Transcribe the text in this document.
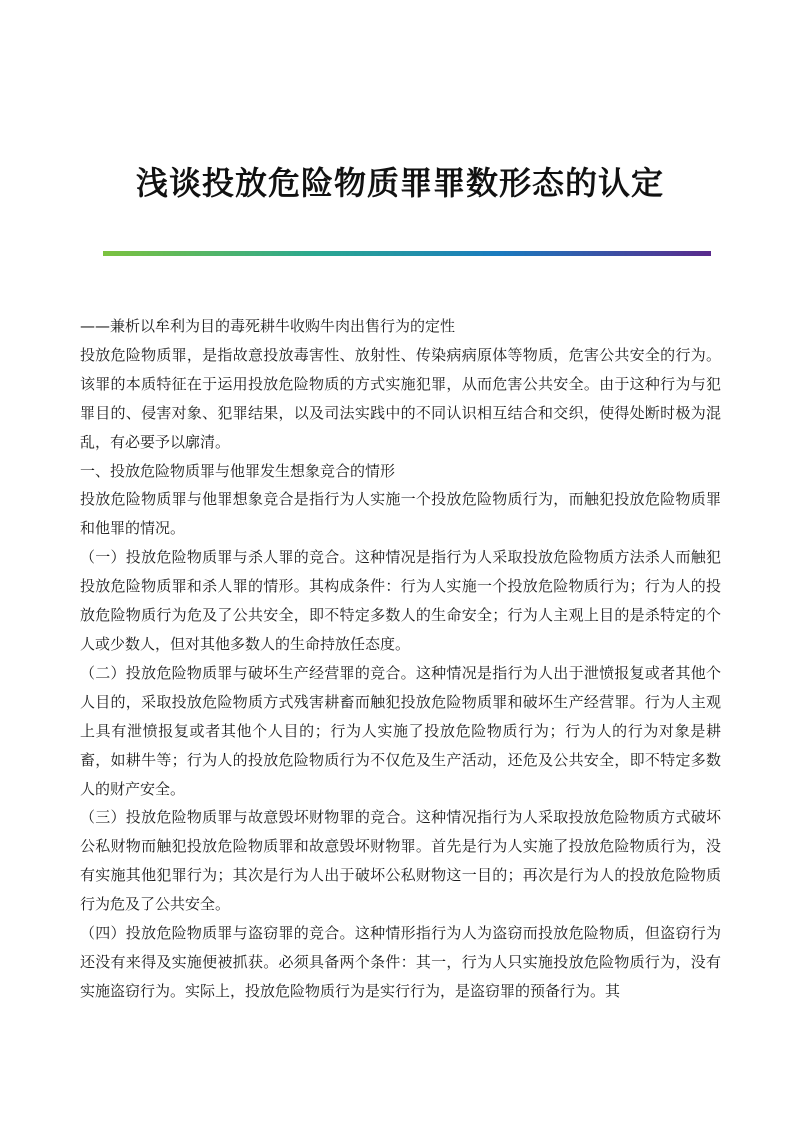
浅谈投放危险物质罪罪数形态的认定

——兼析以牟利为目的毒死耕牛收购牛肉出售行为的定性

投放危险物质罪，是指故意投放毒害性、放射性、传染病病原体等物质，危害公共安全的行为。该罪的本质特征在于运用投放危险物质的方式实施犯罪，从而危害公共安全。由于这种行为与犯罪目的、侵害对象、犯罪结果，以及司法实践中的不同认识相互结合和交织，使得处断时极为混乱，有必要予以廓清。

一、投放危险物质罪与他罪发生想象竞合的情形

投放危险物质罪与他罪想象竞合是指行为人实施一个投放危险物质行为，而触犯投放危险物质罪和他罪的情况。

（一）投放危险物质罪与杀人罪的竞合。这种情况是指行为人采取投放危险物质方法杀人而触犯投放危险物质罪和杀人罪的情形。其构成条件：行为人实施一个投放危险物质行为；行为人的投放危险物质行为危及了公共安全，即不特定多数人的生命安全；行为人主观上目的是杀特定的个人或少数人，但对其他多数人的生命持放任态度。

（二）投放危险物质罪与破坏生产经营罪的竞合。这种情况是指行为人出于泄愤报复或者其他个人目的，采取投放危险物质方式残害耕畜而触犯投放危险物质罪和破坏生产经营罪。行为人主观上具有泄愤报复或者其他个人目的；行为人实施了投放危险物质行为；行为人的行为对象是耕畜，如耕牛等；行为人的投放危险物质行为不仅危及生产活动，还危及公共安全，即不特定多数人的财产安全。

（三）投放危险物质罪与故意毁坏财物罪的竞合。这种情况指行为人采取投放危险物质方式破坏公私财物而触犯投放危险物质罪和故意毁坏财物罪。首先是行为人实施了投放危险物质行为，没有实施其他犯罪行为；其次是行为人出于破坏公私财物这一目的；再次是行为人的投放危险物质行为危及了公共安全。

（四）投放危险物质罪与盗窃罪的竞合。这种情形指行为人为盗窃而投放危险物质，但盗窃行为还没有来得及实施便被抓获。必须具备两个条件：其一，行为人只实施投放危险物质行为，没有实施盗窃行为。实际上，投放危险物质行为是实行行为，是盗窃罪的预备行为。其
